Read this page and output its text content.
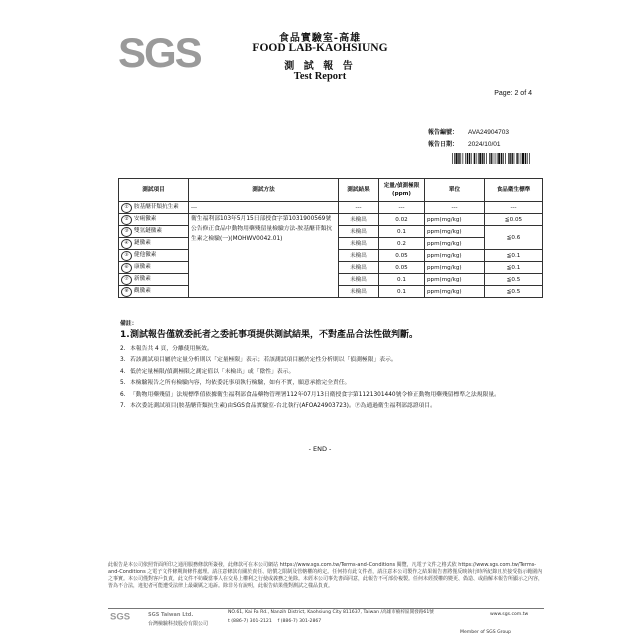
SGS	食品實驗室-高雄
FOOD LAB-KAOHSIUNG
測 試 報 告
Test Report
Page: 2 of 4
報告編號： AVA24904703
報告日期： 2024/10/01
測試項目	測試方法	測試結果	定量/偵測極限(ppm)	單位	食品衛生標準
① 胺基醣苷類抗生素	---	---	---	---	---
② 安痢黴素	衛生福利部103年5月15日部授食字第1031900569號公告修正食品中動物用藥殘留量檢驗方法-胺基醣苷類抗生素之檢驗(一)(MOHWV0042.01)	未檢出	0.02	ppm(mg/kg)	≦0.05
③ 雙氫鏈黴素		未檢出	0.1	ppm(mg/kg)	≦0.6
④ 鏈黴素		未檢出	0.2	ppm(mg/kg)	
⑤ 健他黴素		未檢出	0.05	ppm(mg/kg)	≦0.1
⑥ 康黴素		未檢出	0.05	ppm(mg/kg)	≦0.1
⑦ 新黴素		未檢出	0.1	ppm(mg/kg)	≦0.5
⑧ 觀黴素		未檢出	0.1	ppm(mg/kg)	≦0.5
備註：
1. 測試報告僅就委託者之委託事項提供測試結果，不對產品合法性做判斷。
2. 本報告共 4 頁，分離使用無效。
3. 若該測試項目屬於定量分析則以「定量極限」表示；若該測試項目屬於定性分析則以「偵測極限」表示。
4. 低於定量極限/偵測極限之測定值以「未檢出」或「陰性」表示。
5. 本檢驗報告之所有檢驗內容，均依委託事項執行檢驗，如有不實，願意承擔完全責任。
6. 「動物用藥殘留」法規標準值依據衛生福利部食品藥物管理署112年07月13日衛授食字第1121301440號令修正動物用藥殘留標準之法規限量。
7. 本次委託測試項目(胺基醣苷類抗生素)由SGS食品實驗室-台北執行(AFOA24903723)。Ⓟ為通過衛生福利部認證項目。
- END -
此報告是本公司依照背面所印之通用服務條款所簽發，此條款可在本公司網站 https://www.sgs.com.tw/Terms-and-Conditions 閱覽，凡電子文件之格式依 https://www.sgs.com.tw/Terms-and-Conditions 之電子文件條期與條件處理。請注意條款有關於責任、賠償之限制及管轄權的約定。任何持有此文件者，請注意本公司製作之結果報告書將僅反映執行時所紀錄且於接受指示範圍內之事實。本公司僅對客戶負責，此文件不妨礙當事人在交易上權利之行使或義務之免除。未經本公司事先書面同意，此報告不可部份複製。任何未經授權的變更、偽造、或曲解本報告所顯示之內容，皆為不合法，違犯者可能遭受法律上最嚴厲之追訴。除非另有說明，此報告結果僅對測試之樣品負責。
SGS	SGS Taiwan Ltd.
台灣檢驗科技股份有限公司
NO.61, Kai Fa Rd., Nanzih District, Kaohsiung City 811637, Taiwan /高雄市楠梓區開發路61號
t (886-7) 301-2121 f (886-7) 301-2867
www.sgs.com.tw
Member of SGS Group
